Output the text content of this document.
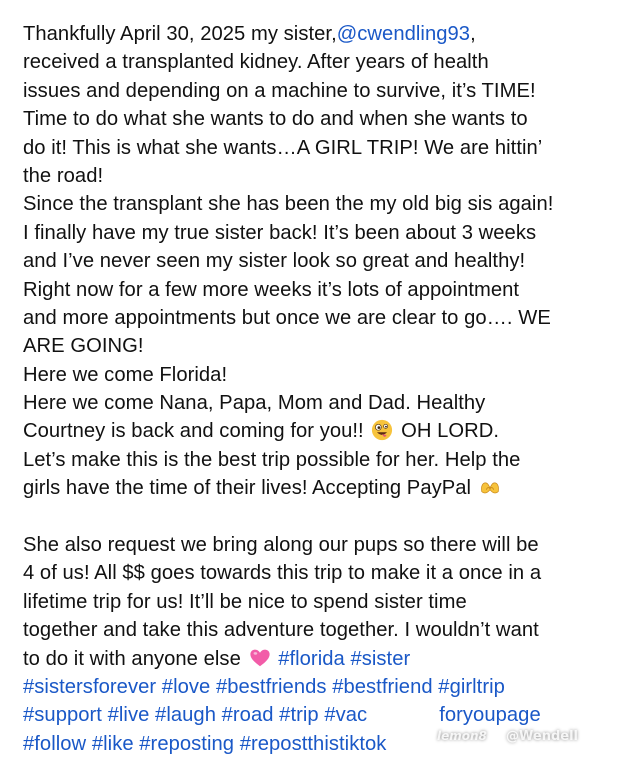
Thankfully April 30, 2025 my sister,@cwendling93,
received a transplanted kidney. After years of health
issues and depending on a machine to survive, it’s TIME!
Time to do what she wants to do and when she wants to
do it! This is what she wants…A GIRL TRIP! We are hittin’
the road!
Since the transplant she has been the my old big sis again!
I finally have my true sister back! It’s been about 3 weeks
and I’ve never seen my sister look so great and healthy!
Right now for a few more weeks it’s lots of appointment
and more appointments but once we are clear to go…. WE
ARE GOING!
Here we come Florida!
Here we come Nana, Papa, Mom and Dad. Healthy
Courtney is back and coming for you!! OH LORD.
Let’s make this is the best trip possible for her. Help the
girls have the time of their lives! Accepting PayPal
She also request we bring along our pups so there will be
4 of us! All $$ goes towards this trip to make it a once in a
lifetime trip for us! It’ll be nice to spend sister time
together and take this adventure together. I wouldn’t want
to do it with anyone else #florida #sister
#sistersforever #love #bestfriends #bestfriend #girltrip
#support #live #laugh #road #trip #vac	foryoupage
#follow #like #reposting #repostthistiktok	lemon8 @Wendell
